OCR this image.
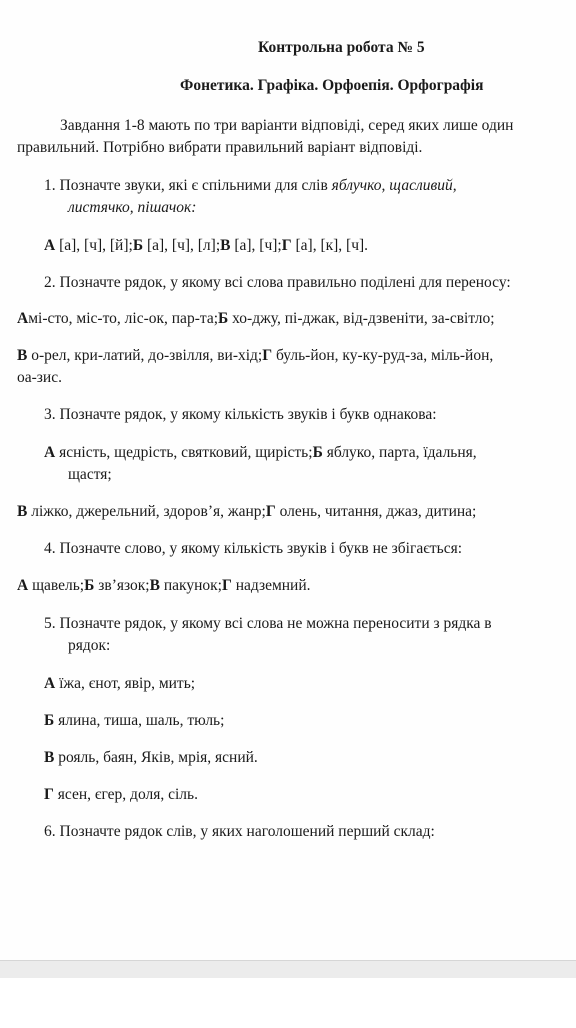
Контрольна робота № 5
Фонетика. Графіка. Орфоепія. Орфографія
Завдання 1-8 мають по три варіанти відповіді, серед яких лише один
правильний. Потрібно вибрати правильний варіант відповіді.
1. Позначте звуки, які є спільними для слів яблучко, щасливий,
листячко, пішачок:
А [а], [ч], [й];Б [а], [ч], [л];В [а], [ч];Г [а], [к], [ч].
2. Позначте рядок, у якому всі слова правильно поділені для переносу:
Амі-сто, міс-то, ліс-ок, пар-та;Б хо-джу, пі-джак, від-дзвеніти, за-світло;
В о-рел, кри-латий, до-звілля, ви-хід;Г буль-йон, ку-ку-руд-за, міль-йон,
оа-зис.
3. Позначте рядок, у якому кількість звуків і букв однакова:
А ясність, щедрість, святковий, щирість;Б яблуко, парта, їдальня,
щастя;
В ліжко, джерельний, здоров’я, жанр;Г олень, читання, джаз, дитина;
4. Позначте слово, у якому кількість звуків і букв не збігається:
А щавель;Б зв’язок;В пакунок;Г надземний.
5. Позначте рядок, у якому всі слова не можна переносити з рядка в
рядок:
А їжа, єнот, явір, мить;
Б ялина, тиша, шаль, тюль;
В рояль, баян, Яків, мрія, ясний.
Г ясен, єгер, доля, сіль.
6. Позначте рядок слів, у яких наголошений перший склад:
